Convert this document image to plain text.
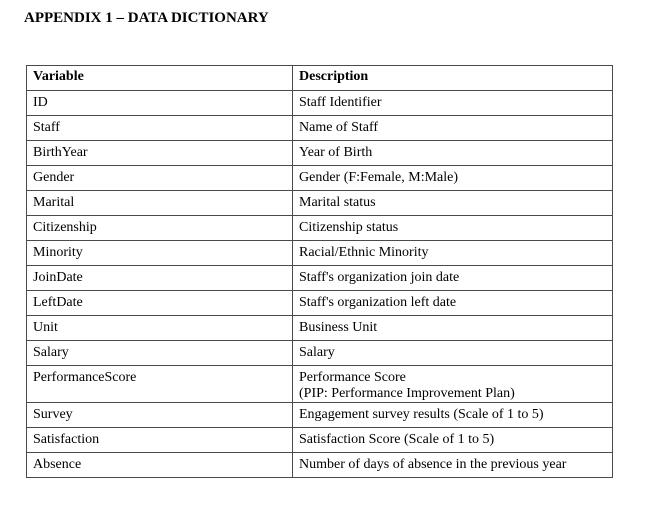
APPENDIX 1 – DATA DICTIONARY
Variable	Description
ID	Staff Identifier
Staff	Name of Staff
BirthYear	Year of Birth
Gender	Gender (F:Female, M:Male)
Marital	Marital status
Citizenship	Citizenship status
Minority	Racial/Ethnic Minority
JoinDate	Staff's organization join date
LeftDate	Staff's organization left date
Unit	Business Unit
Salary	Salary
PerformanceScore	Performance Score
(PIP: Performance Improvement Plan)

Survey	Engagement survey results (Scale of 1 to 5)
Satisfaction	Satisfaction Score (Scale of 1 to 5)
Absence	Number of days of absence in the previous year
